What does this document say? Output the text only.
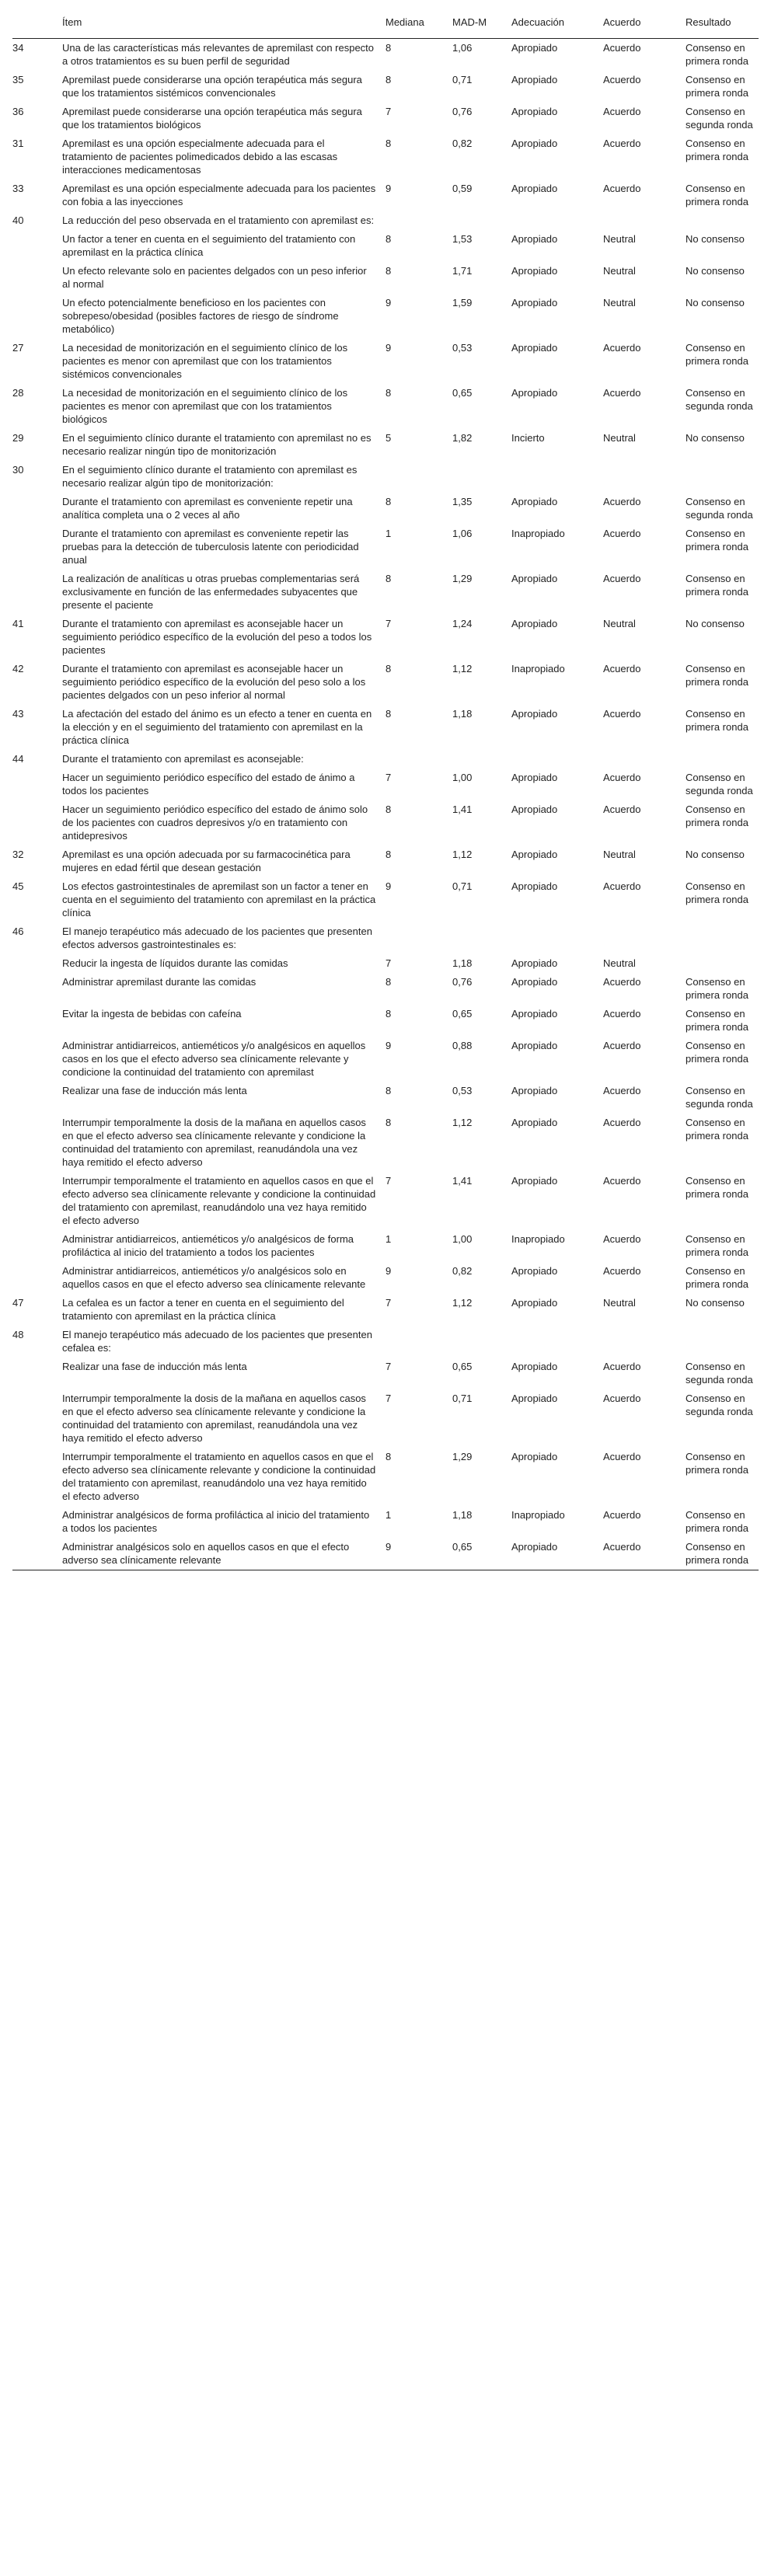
	Ítem	Mediana	MAD-M	Adecuación	Acuerdo	Resultado
34	Una de las características más relevantes de apremilast con respecto a otros tratamientos es su buen perfil de seguridad	8	1,06	Apropiado	Acuerdo	Consenso en primera ronda
35	Apremilast puede considerarse una opción terapéutica más segura que los tratamientos sistémicos convencionales	8	0,71	Apropiado	Acuerdo	Consenso en primera ronda
36	Apremilast puede considerarse una opción terapéutica más segura que los tratamientos biológicos	7	0,76	Apropiado	Acuerdo	Consenso en segunda ronda
31	Apremilast es una opción especialmente adecuada para el tratamiento de pacientes polimedicados debido a las escasas interacciones medicamentosas	8	0,82	Apropiado	Acuerdo	Consenso en primera ronda
33	Apremilast es una opción especialmente adecuada para los pacientes con fobia a las inyecciones	9	0,59	Apropiado	Acuerdo	Consenso en primera ronda
40	La reducción del peso observada en el tratamiento con apremilast es:					
	Un factor a tener en cuenta en el seguimiento del tratamiento con apremilast en la práctica clínica	8	1,53	Apropiado	Neutral	No consenso
	Un efecto relevante solo en pacientes delgados con un peso inferior al normal	8	1,71	Apropiado	Neutral	No consenso
	Un efecto potencialmente beneficioso en los pacientes con sobrepeso/obesidad (posibles factores de riesgo de síndrome metabólico)	9	1,59	Apropiado	Neutral	No consenso
27	La necesidad de monitorización en el seguimiento clínico de los pacientes es menor con apremilast que con los tratamientos sistémicos convencionales	9	0,53	Apropiado	Acuerdo	Consenso en primera ronda
28	La necesidad de monitorización en el seguimiento clínico de los pacientes es menor con apremilast que con los tratamientos biológicos	8	0,65	Apropiado	Acuerdo	Consenso en segunda ronda
29	En el seguimiento clínico durante el tratamiento con apremilast no es necesario realizar ningún tipo de monitorización	5	1,82	Incierto	Neutral	No consenso
30	En el seguimiento clínico durante el tratamiento con apremilast es necesario realizar algún tipo de monitorización:					
	Durante el tratamiento con apremilast es conveniente repetir una analítica completa una o 2 veces al año	8	1,35	Apropiado	Acuerdo	Consenso en segunda ronda
	Durante el tratamiento con apremilast es conveniente repetir las pruebas para la detección de tuberculosis latente con periodicidad anual	1	1,06	Inapropiado	Acuerdo	Consenso en primera ronda
	La realización de analíticas u otras pruebas complementarias será exclusivamente en función de las enfermedades subyacentes que presente el paciente	8	1,29	Apropiado	Acuerdo	Consenso en primera ronda
41	Durante el tratamiento con apremilast es aconsejable hacer un seguimiento periódico específico de la evolución del peso a todos los pacientes	7	1,24	Apropiado	Neutral	No consenso
42	Durante el tratamiento con apremilast es aconsejable hacer un seguimiento periódico específico de la evolución del peso solo a los pacientes delgados con un peso inferior al normal	8	1,12	Inapropiado	Acuerdo	Consenso en primera ronda
43	La afectación del estado del ánimo es un efecto a tener en cuenta en la elección y en el seguimiento del tratamiento con apremilast en la práctica clínica	8	1,18	Apropiado	Acuerdo	Consenso en primera ronda
44	Durante el tratamiento con apremilast es aconsejable:					
	Hacer un seguimiento periódico específico del estado de ánimo a todos los pacientes	7	1,00	Apropiado	Acuerdo	Consenso en segunda ronda
	Hacer un seguimiento periódico específico del estado de ánimo solo de los pacientes con cuadros depresivos y/o en tratamiento con antidepresivos	8	1,41	Apropiado	Acuerdo	Consenso en primera ronda
32	Apremilast es una opción adecuada por su farmacocinética para mujeres en edad fértil que desean gestación	8	1,12	Apropiado	Neutral	No consenso
45	Los efectos gastrointestinales de apremilast son un factor a tener en cuenta en el seguimiento del tratamiento con apremilast en la práctica clínica	9	0,71	Apropiado	Acuerdo	Consenso en primera ronda
46	El manejo terapéutico más adecuado de los pacientes que presenten efectos adversos gastrointestinales es:					
	Reducir la ingesta de líquidos durante las comidas	7	1,18	Apropiado	Neutral	
	Administrar apremilast durante las comidas	8	0,76	Apropiado	Acuerdo	Consenso en primera ronda
	Evitar la ingesta de bebidas con cafeína	8	0,65	Apropiado	Acuerdo	Consenso en primera ronda
	Administrar antidiarreicos, antieméticos y/o analgésicos en aquellos casos en los que el efecto adverso sea clínicamente relevante y condicione la continuidad del tratamiento con apremilast	9	0,88	Apropiado	Acuerdo	Consenso en primera ronda
	Realizar una fase de inducción más lenta	8	0,53	Apropiado	Acuerdo	Consenso en segunda ronda
	Interrumpir temporalmente la dosis de la mañana en aquellos casos en que el efecto adverso sea clínicamente relevante y condicione la continuidad del tratamiento con apremilast, reanudándola una vez haya remitido el efecto adverso	8	1,12	Apropiado	Acuerdo	Consenso en primera ronda
	Interrumpir temporalmente el tratamiento en aquellos casos en que el efecto adverso sea clínicamente relevante y condicione la continuidad del tratamiento con apremilast, reanudándolo una vez haya remitido el efecto adverso	7	1,41	Apropiado	Acuerdo	Consenso en primera ronda
	Administrar antidiarreicos, antieméticos y/o analgésicos de forma profiláctica al inicio del tratamiento a todos los pacientes	1	1,00	Inapropiado	Acuerdo	Consenso en primera ronda
	Administrar antidiarreicos, antieméticos y/o analgésicos solo en aquellos casos en que el efecto adverso sea clínicamente relevante	9	0,82	Apropiado	Acuerdo	Consenso en primera ronda
47	La cefalea es un factor a tener en cuenta en el seguimiento del tratamiento con apremilast en la práctica clínica	7	1,12	Apropiado	Neutral	No consenso
48	El manejo terapéutico más adecuado de los pacientes que presenten cefalea es:					
	Realizar una fase de inducción más lenta	7	0,65	Apropiado	Acuerdo	Consenso en segunda ronda
	Interrumpir temporalmente la dosis de la mañana en aquellos casos en que el efecto adverso sea clínicamente relevante y condicione la continuidad del tratamiento con apremilast, reanudándola una vez haya remitido el efecto adverso	7	0,71	Apropiado	Acuerdo	Consenso en segunda ronda
	Interrumpir temporalmente el tratamiento en aquellos casos en que el efecto adverso sea clínicamente relevante y condicione la continuidad del tratamiento con apremilast, reanudándolo una vez haya remitido el efecto adverso	8	1,29	Apropiado	Acuerdo	Consenso en primera ronda
	Administrar analgésicos de forma profiláctica al inicio del tratamiento a todos los pacientes	1	1,18	Inapropiado	Acuerdo	Consenso en primera ronda
	Administrar analgésicos solo en aquellos casos en que el efecto adverso sea clínicamente relevante	9	0,65	Apropiado	Acuerdo	Consenso en primera ronda
